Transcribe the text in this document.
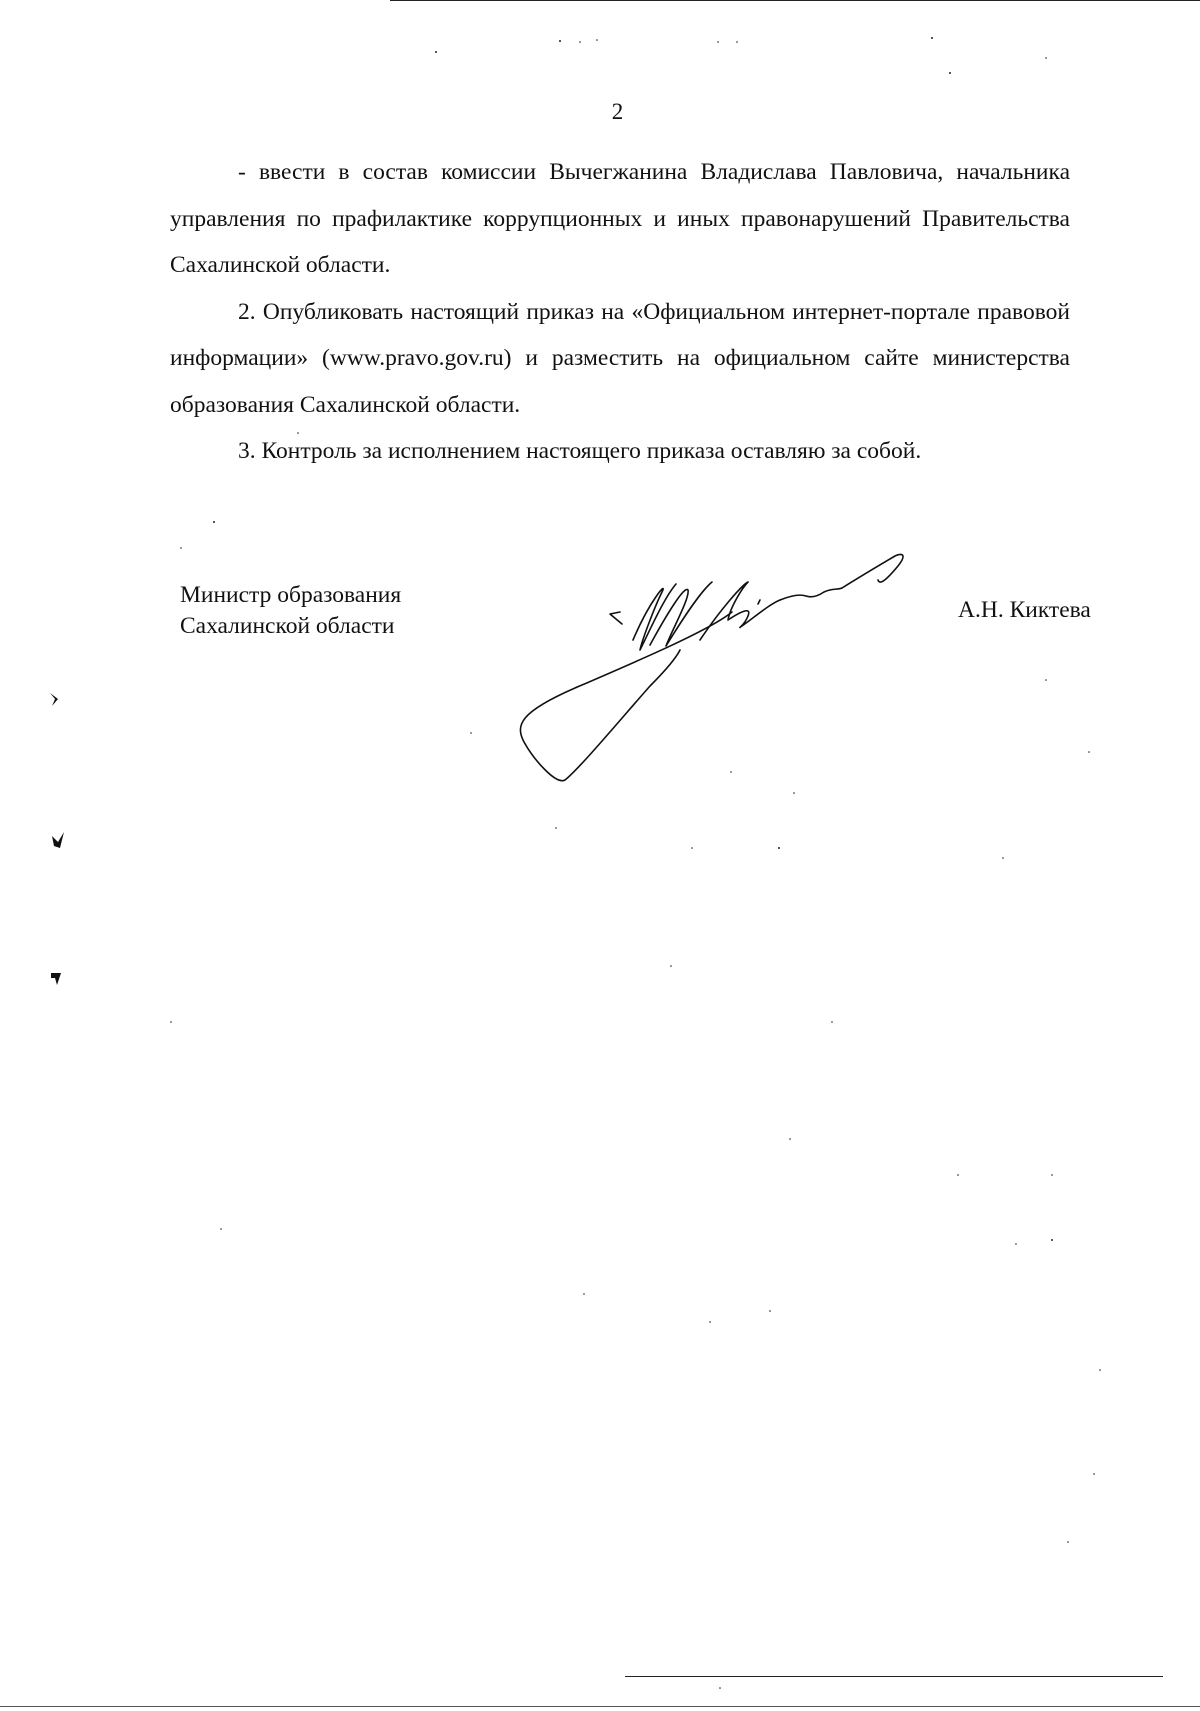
2

- ввести в состав комиссии Вычегжанина Владислава Павловича, начальника управления по прафилактике коррупционных и иных правонарушений Правительства Сахалинской области.

2. Опубликовать настоящий приказ на «Официальном интернет-портале правовой информации» (www.pravo.gov.ru) и разместить на официальном сайте министерства образования Сахалинской области.

3. Контроль за исполнением настоящего приказа оставляю за собой.

Министр образования
Сахалинской области
А.Н. Киктева
